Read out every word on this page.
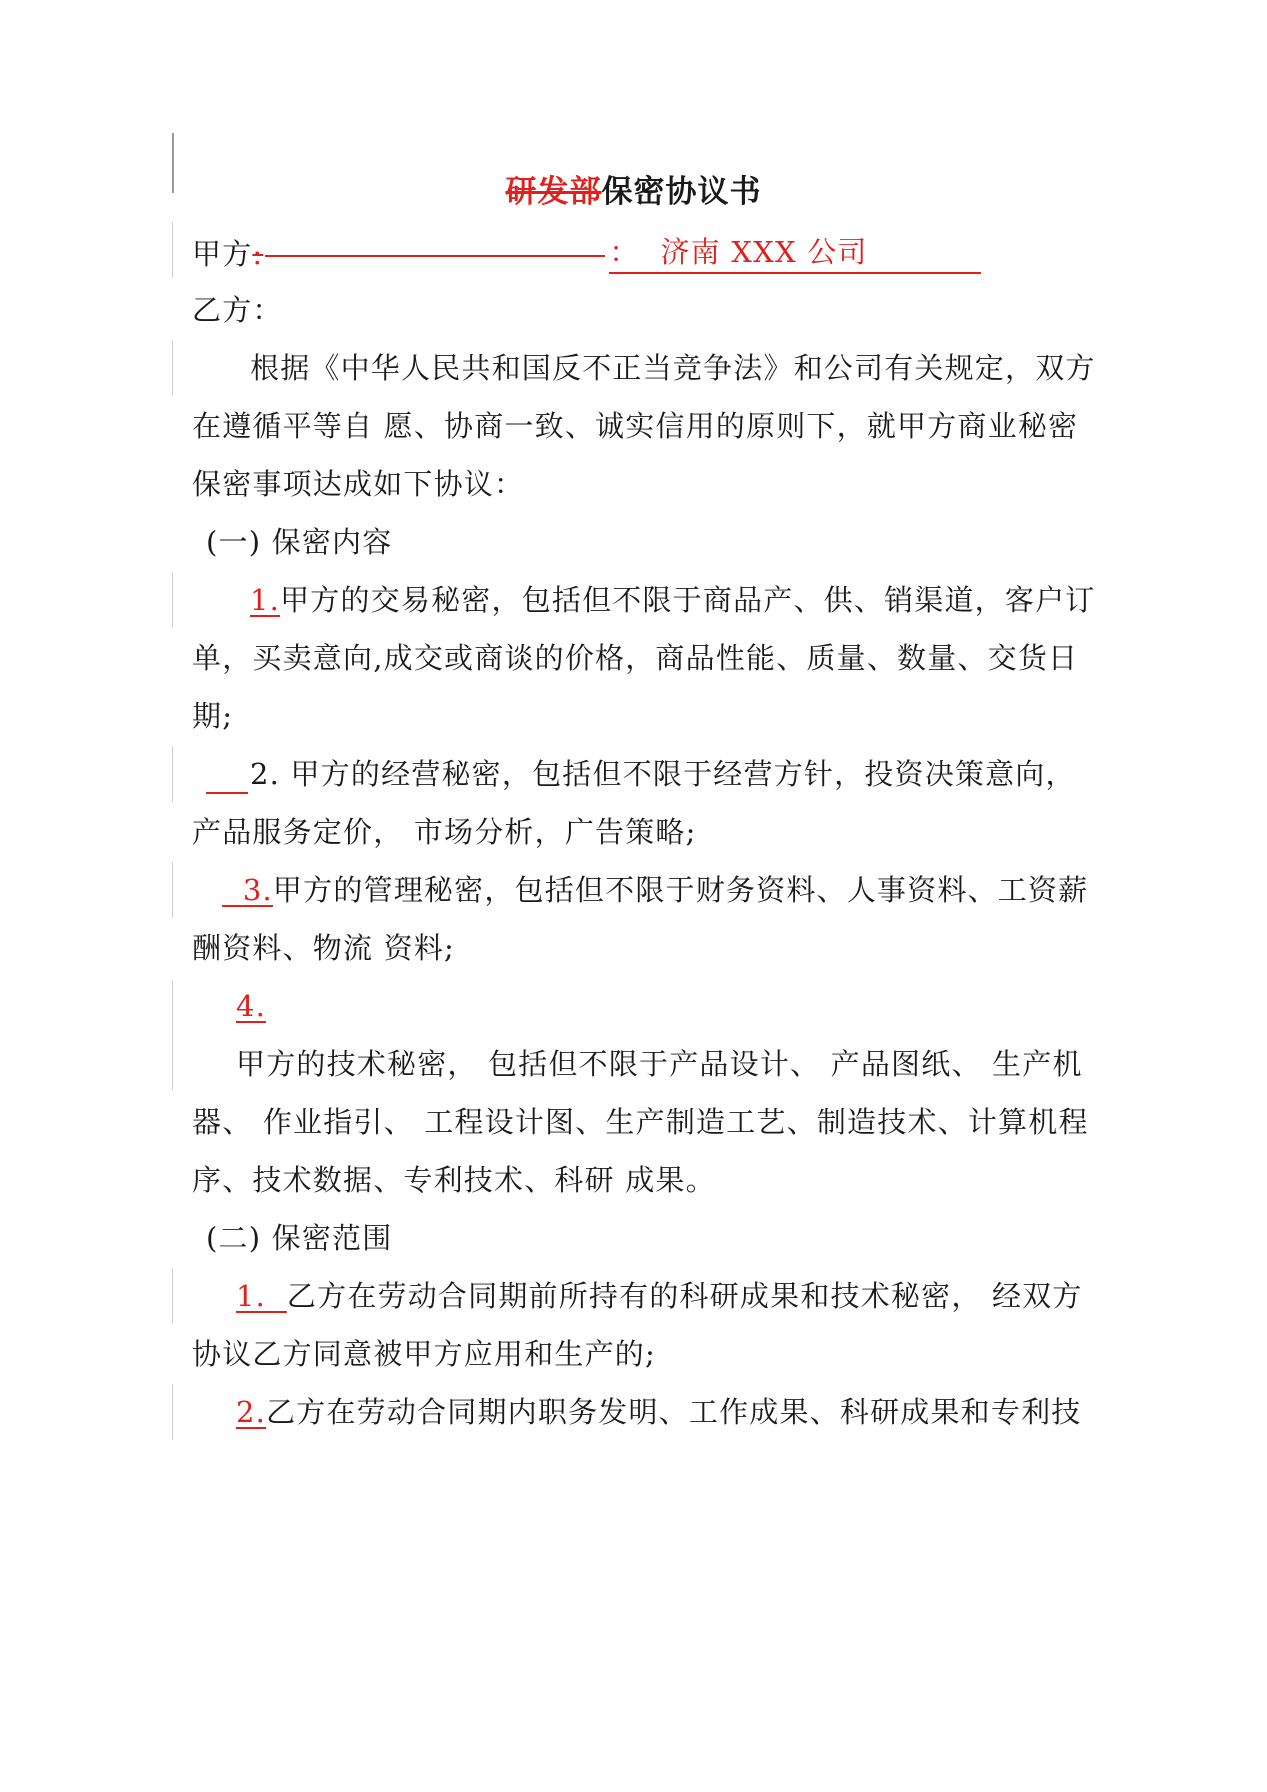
研发部保密协议书
甲方:	： 济南 XXX 公司
乙方：
根据《中华人民共和国反不正当竞争法》和公司有关规定，双方
在遵循平等自 愿、协商一致、诚实信用的原则下，就甲方商业秘密
保密事项达成如下协议：
(一) 保密内容
1.甲方的交易秘密，包括但不限于商品产、供、销渠道，客户订
单，买卖意向,成交或商谈的价格，商品性能、质量、数量、交货日
期;
2. 甲方的经营秘密，包括但不限于经营方针，投资决策意向，
产品服务定价， 市场分析，广告策略;
3.甲方的管理秘密，包括但不限于财务资料、人事资料、工资薪
酬资料、物流 资料;
4.
甲方的技术秘密， 包括但不限于产品设计、 产品图纸、 生产机
器、 作业指引、 工程设计图、生产制造工艺、制造技术、计算机程
序、技术数据、专利技术、科研 成果。
(二) 保密范围
1. 乙方在劳动合同期前所持有的科研成果和技术秘密， 经双方
协议乙方同意被甲方应用和生产的;
2.乙方在劳动合同期内职务发明、工作成果、科研成果和专利技
